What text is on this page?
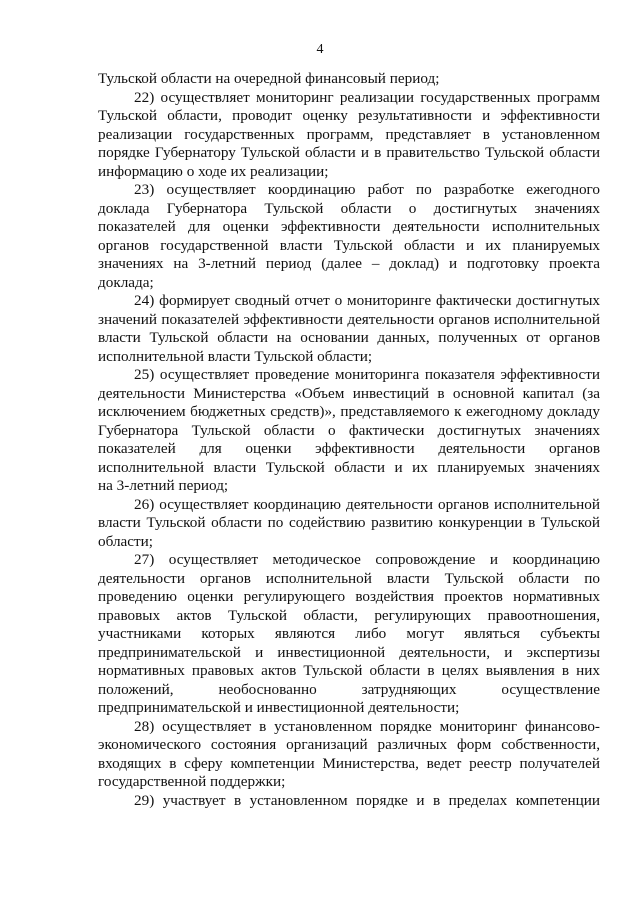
4
Тульской области на очередной финансовый период;
22) осуществляет мониторинг реализации государственных программ
Тульской области, проводит оценку результативности и эффективности
реализации государственных программ, представляет в установленном
порядке Губернатору Тульской области и в правительство Тульской области
информацию о ходе их реализации;
23) осуществляет координацию работ по разработке ежегодного
доклада Губернатора Тульской области о достигнутых значениях
показателей для оценки эффективности деятельности исполнительных
органов государственной власти Тульской области и их планируемых
значениях на 3-летний период (далее – доклад) и подготовку проекта
доклада;
24) формирует сводный отчет о мониторинге фактически достигнутых
значений показателей эффективности деятельности органов исполнительной
власти Тульской области на основании данных, полученных от органов
исполнительной власти Тульской области;
25) осуществляет проведение мониторинга показателя эффективности
деятельности Министерства «Объем инвестиций в основной капитал (за
исключением бюджетных средств)», представляемого к ежегодному докладу
Губернатора Тульской области о фактически достигнутых значениях
показателей для оценки эффективности деятельности органов
исполнительной власти Тульской области и их планируемых значениях
на 3-летний период;
26) осуществляет координацию деятельности органов исполнительной
власти Тульской области по содействию развитию конкуренции в Тульской
области;
27) осуществляет методическое сопровождение и координацию
деятельности органов исполнительной власти Тульской области по
проведению оценки регулирующего воздействия проектов нормативных
правовых актов Тульской области, регулирующих правоотношения,
участниками которых являются либо могут являться субъекты
предпринимательской и инвестиционной деятельности, и экспертизы
нормативных правовых актов Тульской области в целях выявления в них
положений, необоснованно затрудняющих осуществление
предпринимательской и инвестиционной деятельности;
28) осуществляет в установленном порядке мониторинг финансово-
экономического состояния организаций различных форм собственности,
входящих в сферу компетенции Министерства, ведет реестр получателей
государственной поддержки;
29) участвует в установленном порядке и в пределах компетенции
